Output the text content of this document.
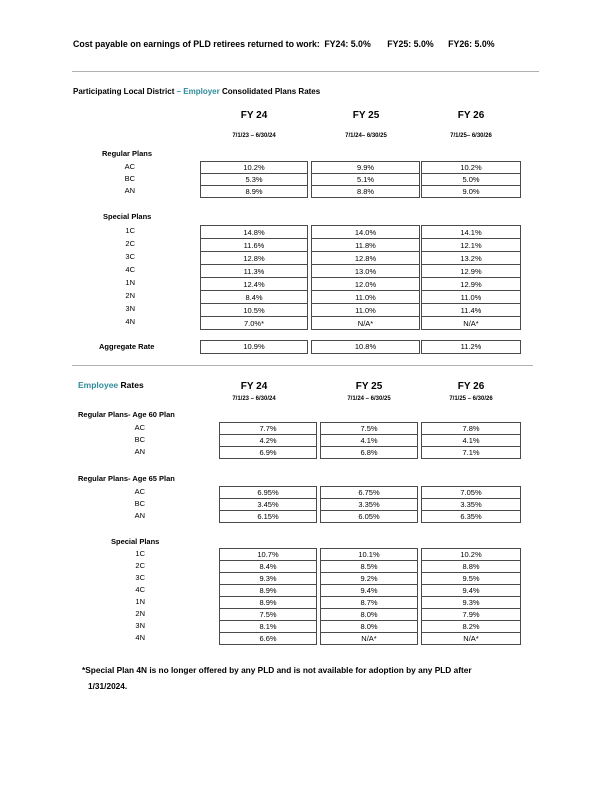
Cost payable on earnings of PLD retirees returned to work: FY24: 5.0% FY25: 5.0% FY26: 5.0%
Participating Local District – Employer Consolidated Plans Rates
FY 24	FY 25	FY 26
7/1/23 – 6/30/24	7/1/24– 6/30/25	7/1/25– 6/30/26
Regular Plans
AC	10.2%	9.9%	10.2%
BC	5.3%	5.1%	5.0%
AN	8.9%	8.8%	9.0%
Special Plans
1C	14.8%	14.0%	14.1%
2C	11.6%	11.8%	12.1%
3C	12.8%	12.8%	13.2%
4C	11.3%	13.0%	12.9%
1N	12.4%	12.0%	12.9%
2N	8.4%	11.0%	11.0%
3N	10.5%	11.0%	11.4%
4N	7.0%*	N/A*	N/A*
Aggregate Rate	10.9%	10.8%	11.2%
Employee Rates	FY 24	FY 25	FY 26
7/1/23 – 6/30/24	7/1/24 – 6/30/25	7/1/25 – 6/30/26
Regular Plans- Age 60 Plan
AC	7.7%	7.5%	7.8%
BC	4.2%	4.1%	4.1%
AN	6.9%	6.8%	7.1%
Regular Plans- Age 65 Plan
AC	6.95%	6.75%	7.05%
BC	3.45%	3.35%	3.35%
AN	6.15%	6.05%	6.35%
Special Plans
1C	10.7%	10.1%	10.2%
2C	8.4%	8.5%	8.8%
3C	9.3%	9.2%	9.5%
4C	8.9%	9.4%	9.4%
1N	8.9%	8.7%	9.3%
2N	7.5%	8.0%	7.9%
3N	8.1%	8.0%	8.2%
4N	6.6%	N/A*	N/A*
*Special Plan 4N is no longer offered by any PLD and is not available for adoption by any PLD after
1/31/2024.
